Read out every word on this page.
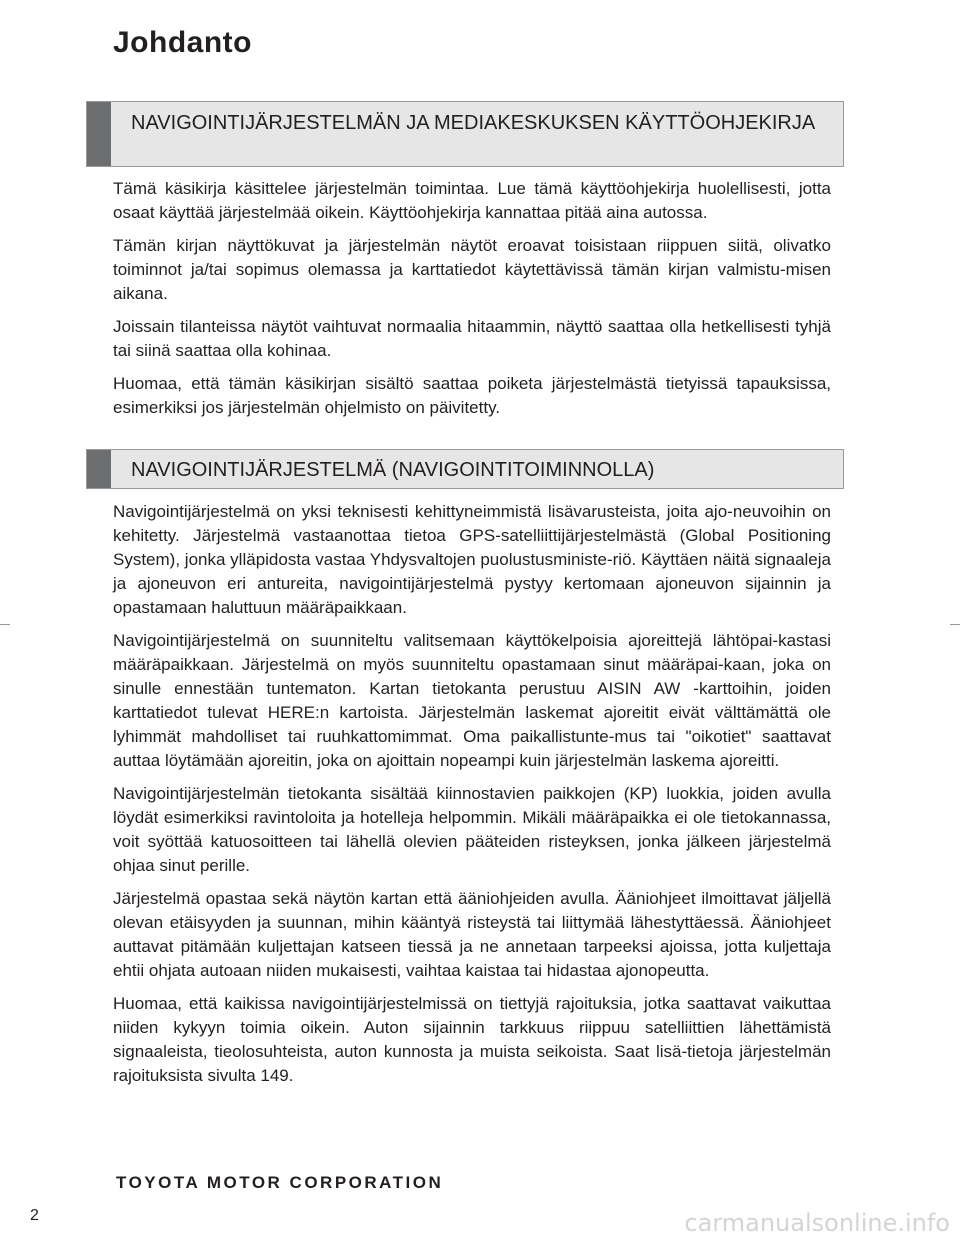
Johdanto
NAVIGOINTIJÄRJESTELMÄN JA MEDIAKESKUKSEN KÄYTTÖOHJEKIRJA

Tämä käsikirja käsittelee järjestelmän toimintaa. Lue tämä käyttöohjekirja huolellisesti, jotta osaat käyttää järjestelmää oikein. Käyttöohjekirja kannattaa pitää aina autossa.

Tämän kirjan näyttökuvat ja järjestelmän näytöt eroavat toisistaan riippuen siitä, olivatko toiminnot ja/tai sopimus olemassa ja karttatiedot käytettävissä tämän kirjan valmistu-misen aikana.

Joissain tilanteissa näytöt vaihtuvat normaalia hitaammin, näyttö saattaa olla hetkellisesti tyhjä tai siinä saattaa olla kohinaa.

Huomaa, että tämän käsikirjan sisältö saattaa poiketa järjestelmästä tietyissä tapauksissa, esimerkiksi jos järjestelmän ohjelmisto on päivitetty.

NAVIGOINTIJÄRJESTELMÄ (NAVIGOINTITOIMINNOLLA)

Navigointijärjestelmä on yksi teknisesti kehittyneimmistä lisävarusteista, joita ajo-neuvoihin on kehitetty. Järjestelmä vastaanottaa tietoa GPS-satelliittijärjestelmästä (Global Positioning System), jonka ylläpidosta vastaa Yhdysvaltojen puolustusministe-riö. Käyttäen näitä signaaleja ja ajoneuvon eri antureita, navigointijärjestelmä pystyy kertomaan ajoneuvon sijainnin ja opastamaan haluttuun määräpaikkaan.

Navigointijärjestelmä on suunniteltu valitsemaan käyttökelpoisia ajoreittejä lähtöpai-kastasi määräpaikkaan. Järjestelmä on myös suunniteltu opastamaan sinut määräpai-kaan, joka on sinulle ennestään tuntematon. Kartan tietokanta perustuu AISIN AW -karttoihin, joiden karttatiedot tulevat HERE:n kartoista. Järjestelmän laskemat ajoreitit eivät välttämättä ole lyhimmät mahdolliset tai ruuhkattomimmat. Oma paikallistunte-mus tai "oikotiet" saattavat auttaa löytämään ajoreitin, joka on ajoittain nopeampi kuin järjestelmän laskema ajoreitti.

Navigointijärjestelmän tietokanta sisältää kiinnostavien paikkojen (KP) luokkia, joiden avulla löydät esimerkiksi ravintoloita ja hotelleja helpommin. Mikäli määräpaikka ei ole tietokannassa, voit syöttää katuosoitteen tai lähellä olevien pääteiden risteyksen, jonka jälkeen järjestelmä ohjaa sinut perille.

Järjestelmä opastaa sekä näytön kartan että ääniohjeiden avulla. Ääniohjeet ilmoittavat jäljellä olevan etäisyyden ja suunnan, mihin kääntyä risteystä tai liittymää lähestyttäessä. Ääniohjeet auttavat pitämään kuljettajan katseen tiessä ja ne annetaan tarpeeksi ajoissa, jotta kuljettaja ehtii ohjata autoaan niiden mukaisesti, vaihtaa kaistaa tai hidastaa ajonopeutta.

Huomaa, että kaikissa navigointijärjestelmissä on tiettyjä rajoituksia, jotka saattavat vaikuttaa niiden kykyyn toimia oikein. Auton sijainnin tarkkuus riippuu satelliittien lähettämistä signaaleista, tieolosuhteista, auton kunnosta ja muista seikoista. Saat lisä-tietoja järjestelmän rajoituksista sivulta 149.

TOYOTA MOTOR CORPORATION
2	carmanualsonline.info
